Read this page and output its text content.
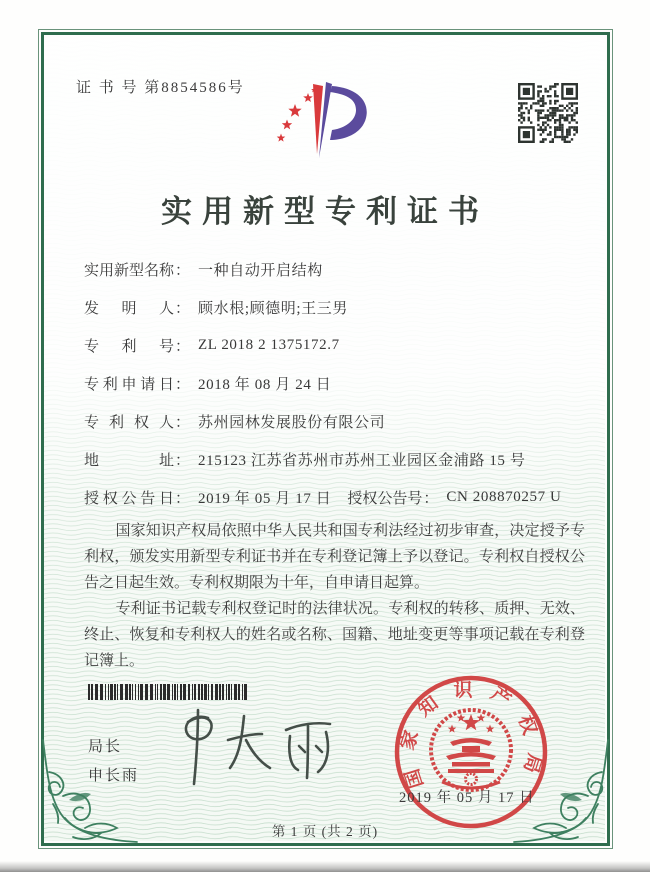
证 书 号 第8854586号
实用新型专利证书
实用新型名称 ： 一种自动开启结构
发明人 ： 顾水根;顾德明;王三男
专利号 ： ZL 2018 2 1375172.7
专利申请日 ： 2018 年 08 月 24 日
专利权人 ： 苏州园林发展股份有限公司
地址 ： 215123 江苏省苏州市苏州工业园区金浦路 15 号
授权公告日 ： 2019 年 05 月 17 日 授权公告号 ： CN 208870257 U

国家知识产权局依照中华人民共和国专利法经过初步审查，决定授予专利权，颁发实用新型专利证书并在专利登记簿上予以登记。专利权自授权公告之日起生效。专利权期限为十年，自申请日起算。

专利证书记载专利权登记时的法律状况。专利权的转移、质押、无效、终止、恢复和专利权人的姓名或名称、国籍、地址变更等事项记载在专利登记簿上。

局长
申长雨	国家知识产权局
2019 年 05 月 17 日
第 1 页 (共 2 页)
